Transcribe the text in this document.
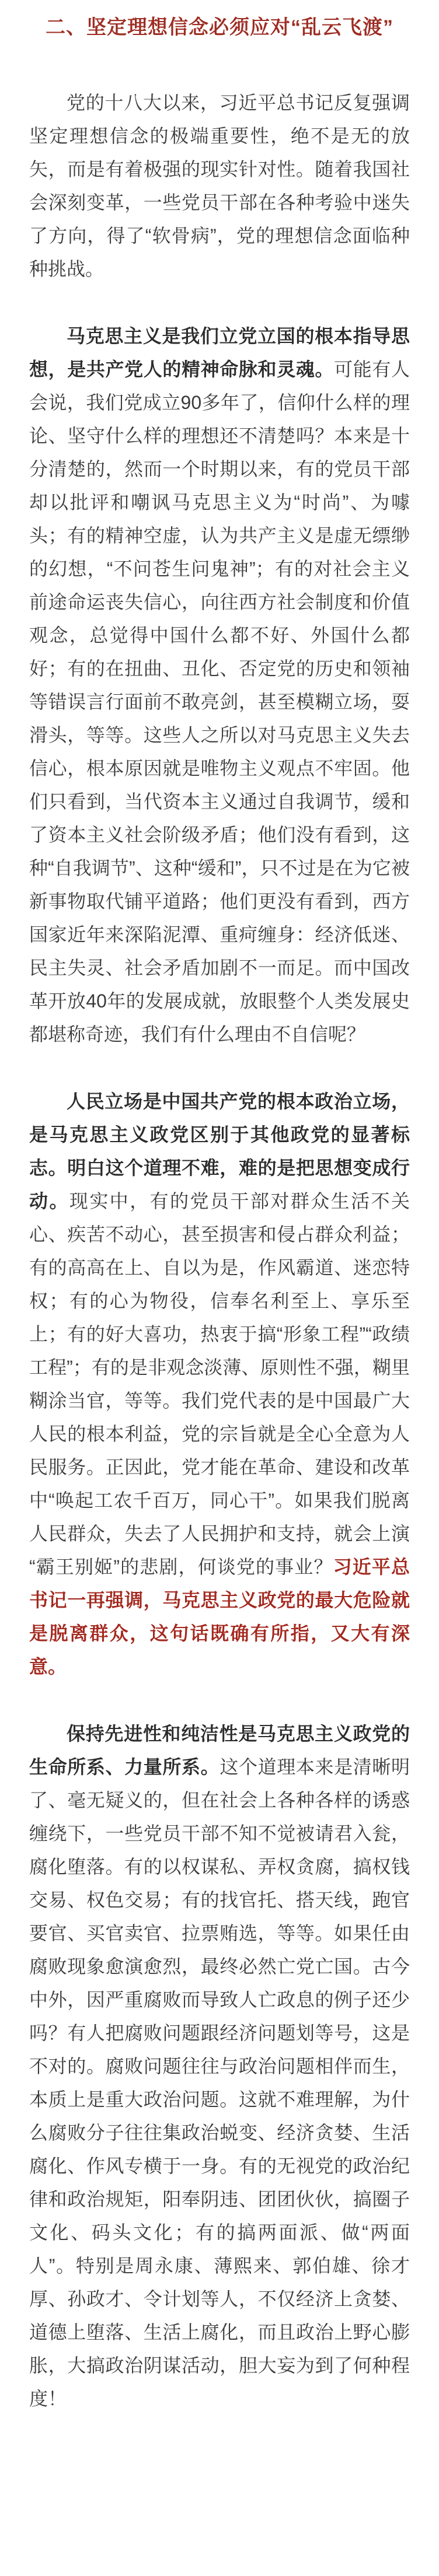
二、坚定理想信念必须应对“乱云飞渡”

党的十八大以来，习近平总书记反复强调坚定理想信念的极端重要性，绝不是无的放矢，而是有着极强的现实针对性。随着我国社会深刻变革，一些党员干部在各种考验中迷失了方向，得了“软骨病”，党的理想信念面临种种挑战。

马克思主义是我们立党立国的根本指导思想，是共产党人的精神命脉和灵魂。可能有人会说，我们党成立90多年了，信仰什么样的理论、坚守什么样的理想还不清楚吗？本来是十分清楚的，然而一个时期以来，有的党员干部却以批评和嘲讽马克思主义为“时尚”、为噱头；有的精神空虚，认为共产主义是虚无缥缈的幻想，“不问苍生问鬼神”；有的对社会主义前途命运丧失信心，向往西方社会制度和价值观念，总觉得中国什么都不好、外国什么都好；有的在扭曲、丑化、否定党的历史和领袖等错误言行面前不敢亮剑，甚至模糊立场，耍滑头，等等。这些人之所以对马克思主义失去信心，根本原因就是唯物主义观点不牢固。他们只看到，当代资本主义通过自我调节，缓和了资本主义社会阶级矛盾；他们没有看到，这种“自我调节”、这种“缓和”，只不过是在为它被新事物取代铺平道路；他们更没有看到，西方国家近年来深陷泥潭、重疴缠身：经济低迷、民主失灵、社会矛盾加剧不一而足。而中国改革开放40年的发展成就，放眼整个人类发展史都堪称奇迹，我们有什么理由不自信呢？

人民立场是中国共产党的根本政治立场，是马克思主义政党区别于其他政党的显著标志。明白这个道理不难，难的是把思想变成行动。现实中，有的党员干部对群众生活不关心、疾苦不动心，甚至损害和侵占群众利益；有的高高在上、自以为是，作风霸道、迷恋特权；有的心为物役，信奉名利至上、享乐至上；有的好大喜功，热衷于搞“形象工程”“政绩工程”；有的是非观念淡薄、原则性不强，糊里糊涂当官，等等。我们党代表的是中国最广大人民的根本利益，党的宗旨就是全心全意为人民服务。正因此，党才能在革命、建设和改革中“唤起工农千百万，同心干”。如果我们脱离人民群众，失去了人民拥护和支持，就会上演“霸王别姬”的悲剧，何谈党的事业？习近平总书记一再强调，马克思主义政党的最大危险就是脱离群众，这句话既确有所指，又大有深意。

保持先进性和纯洁性是马克思主义政党的生命所系、力量所系。这个道理本来是清晰明了、毫无疑义的，但在社会上各种各样的诱惑缠绕下，一些党员干部不知不觉被请君入瓮，腐化堕落。有的以权谋私、弄权贪腐，搞权钱交易、权色交易；有的找官托、搭天线，跑官要官、买官卖官、拉票贿选，等等。如果任由腐败现象愈演愈烈，最终必然亡党亡国。古今中外，因严重腐败而导致人亡政息的例子还少吗？有人把腐败问题跟经济问题划等号，这是不对的。腐败问题往往与政治问题相伴而生，本质上是重大政治问题。这就不难理解，为什么腐败分子往往集政治蜕变、经济贪婪、生活腐化、作风专横于一身。有的无视党的政治纪律和政治规矩，阳奉阴违、团团伙伙，搞圈子文化、码头文化；有的搞两面派、做“两面人”。特别是周永康、薄熙来、郭伯雄、徐才厚、孙政才、令计划等人，不仅经济上贪婪、道德上堕落、生活上腐化，而且政治上野心膨胀，大搞政治阴谋活动，胆大妄为到了何种程度！
